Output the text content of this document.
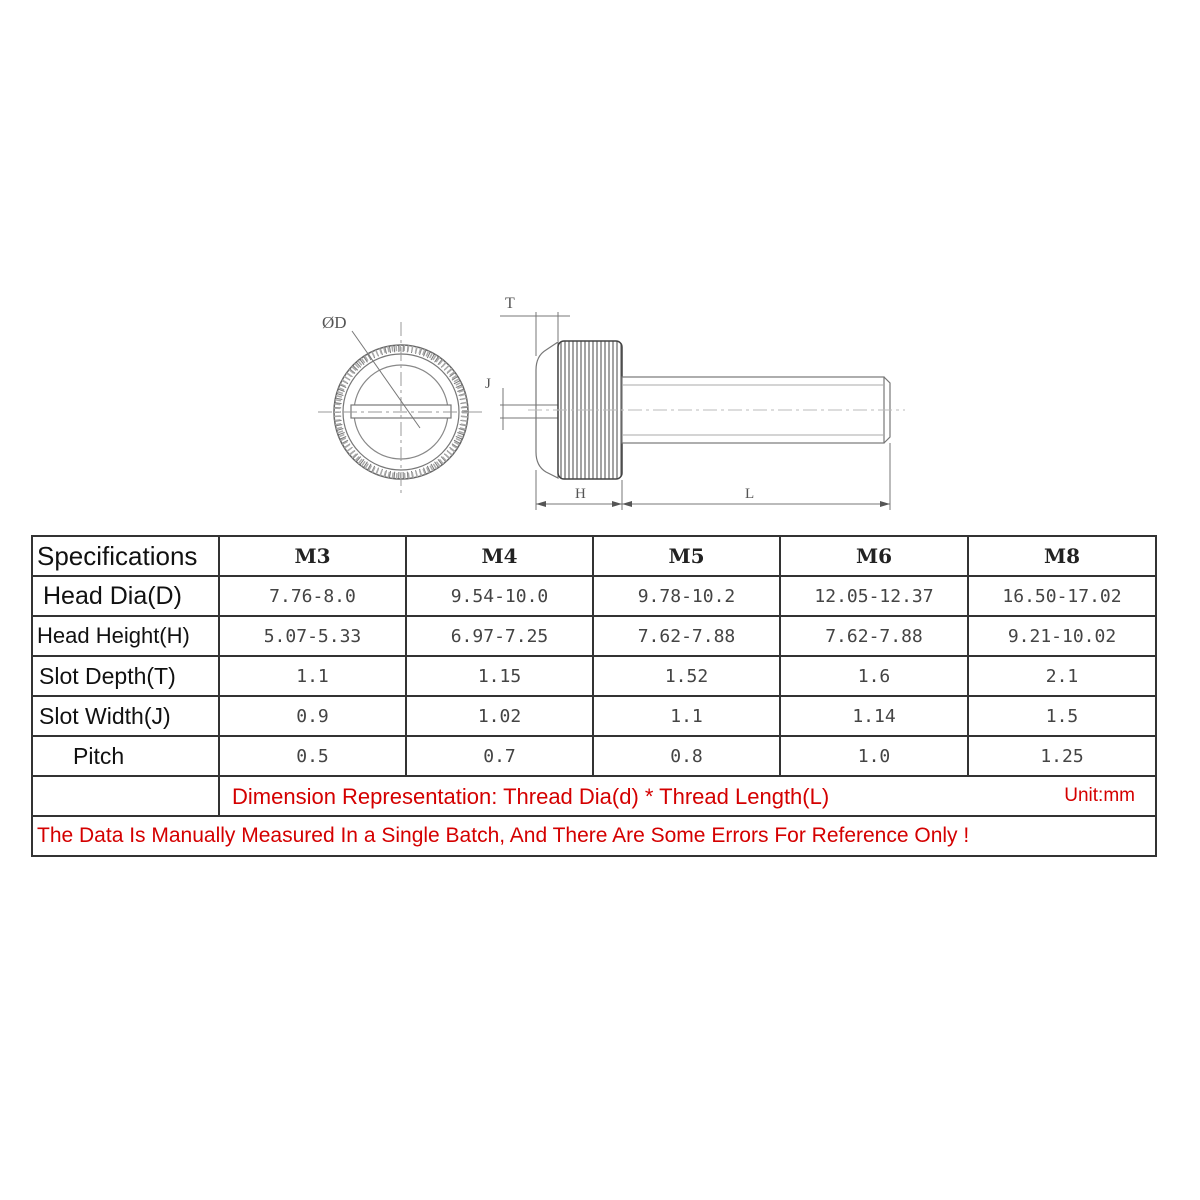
ØD
T
J
H	L
Specifications	M3	M4	M5	M6	M8
Head Dia(D)	7.76-8.0	9.54-10.0	9.78-10.2	12.05-12.37	16.50-17.02
Head Height(H)	5.07-5.33	6.97-7.25	7.62-7.88	7.62-7.88	9.21-10.02
Slot Depth(T)	1.1	1.15	1.52	1.6	2.1
Slot Width(J)	0.9	1.02	1.1	1.14	1.5
Pitch	0.5	0.7	0.8	1.0	1.25

	Dimension Representation: Thread Dia(d) * Thread Length(L) Unit:mm				

The Data Is Manually Measured In a Single Batch, And There Are Some Errors For Reference Only !					
